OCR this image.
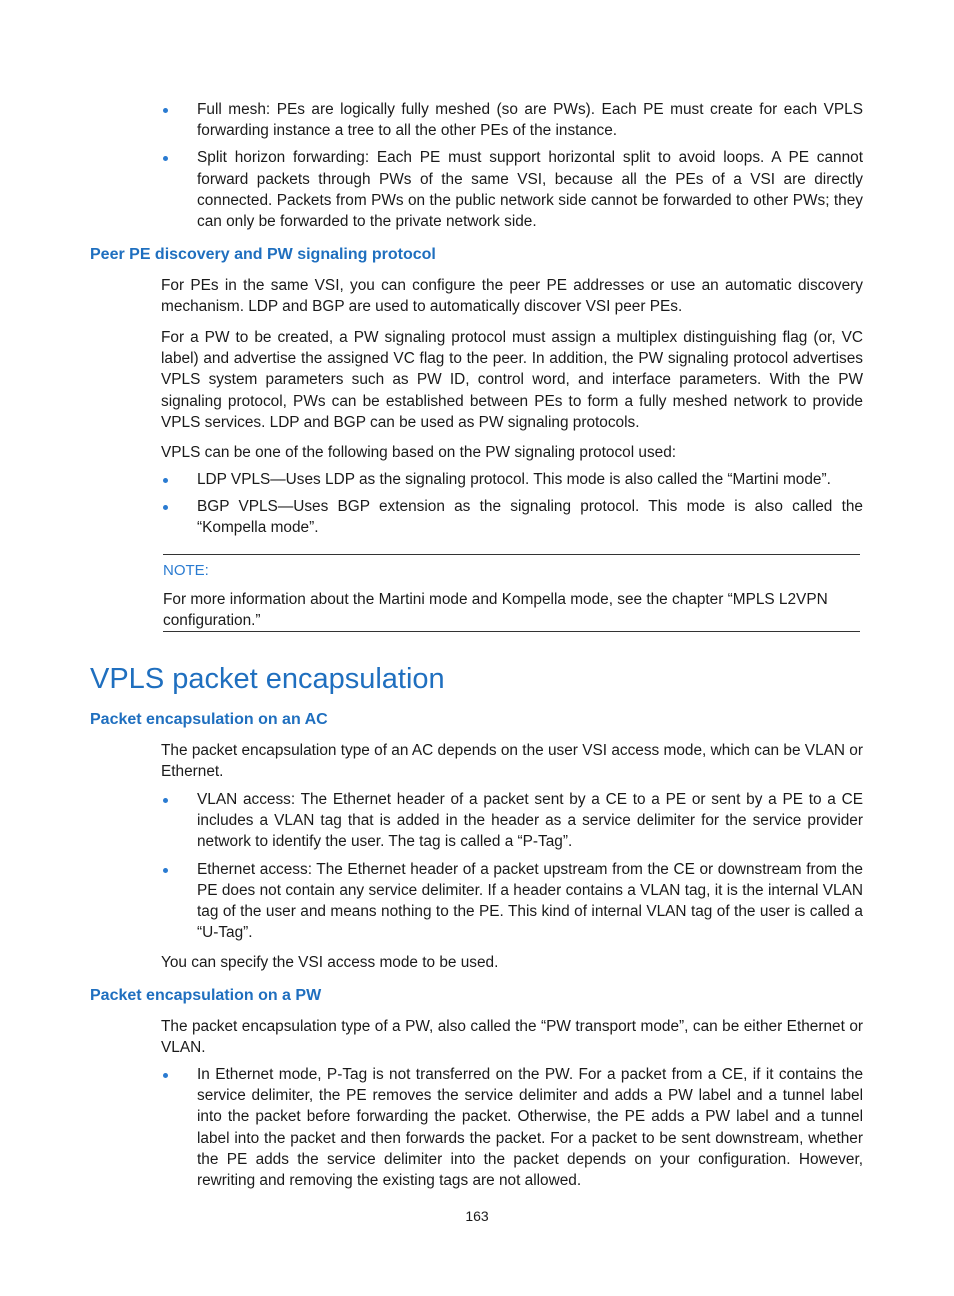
Full mesh: PEs are logically fully meshed (so are PWs). Each PE must create for each VPLS forwarding instance a tree to all the other PEs of the instance.
Split horizon forwarding: Each PE must support horizontal split to avoid loops. A PE cannot forward packets through PWs of the same VSI, because all the PEs of a VSI are directly connected. Packets from PWs on the public network side cannot be forwarded to other PWs; they can only be forwarded to the private network side.
Peer PE discovery and PW signaling protocol

For PEs in the same VSI, you can configure the peer PE addresses or use an automatic discovery mechanism. LDP and BGP are used to automatically discover VSI peer PEs.

For a PW to be created, a PW signaling protocol must assign a multiplex distinguishing flag (or, VC label) and advertise the assigned VC flag to the peer. In addition, the PW signaling protocol advertises VPLS system parameters such as PW ID, control word, and interface parameters. With the PW signaling protocol, PWs can be established between PEs to form a fully meshed network to provide VPLS services. LDP and BGP can be used as PW signaling protocols.

VPLS can be one of the following based on the PW signaling protocol used:

LDP VPLS—Uses LDP as the signaling protocol. This mode is also called the “Martini mode”.
BGP VPLS—Uses BGP extension as the signaling protocol. This mode is also called the “Kompella mode”.
NOTE:

For more information about the Martini mode and Kompella mode, see the chapter “MPLS L2VPN configuration.”

VPLS packet encapsulation
Packet encapsulation on an AC

The packet encapsulation type of an AC depends on the user VSI access mode, which can be VLAN or Ethernet.

VLAN access: The Ethernet header of a packet sent by a CE to a PE or sent by a PE to a CE includes a VLAN tag that is added in the header as a service delimiter for the service provider network to identify the user. The tag is called a “P-Tag”.
Ethernet access: The Ethernet header of a packet upstream from the CE or downstream from the PE does not contain any service delimiter. If a header contains a VLAN tag, it is the internal VLAN tag of the user and means nothing to the PE. This kind of internal VLAN tag of the user is called a “U-Tag”.

You can specify the VSI access mode to be used.

Packet encapsulation on a PW

The packet encapsulation type of a PW, also called the “PW transport mode”, can be either Ethernet or VLAN.

In Ethernet mode, P-Tag is not transferred on the PW. For a packet from a CE, if it contains the service delimiter, the PE removes the service delimiter and adds a PW label and a tunnel label into the packet before forwarding the packet. Otherwise, the PE adds a PW label and a tunnel label into the packet and then forwards the packet. For a packet to be sent downstream, whether the PE adds the service delimiter into the packet depends on your configuration. However, rewriting and removing the existing tags are not allowed.
163
